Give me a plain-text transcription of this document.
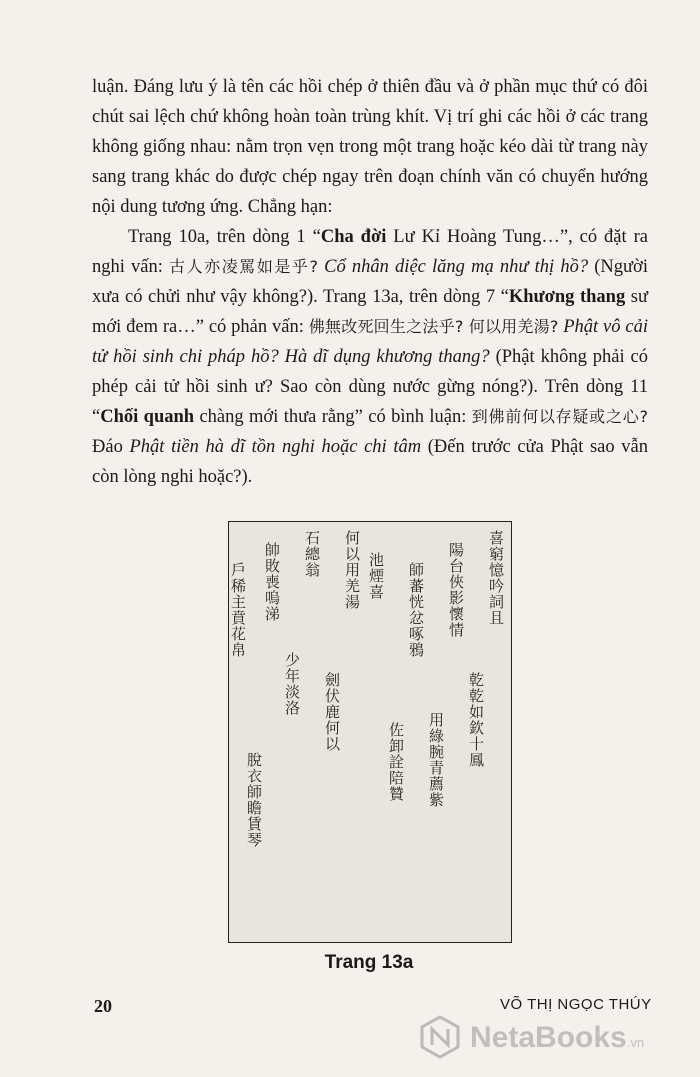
luận. Đáng lưu ý là tên các hồi chép ở thiên đầu và ở phần mục thứ có đôi chút sai lệch chứ không hoàn toàn trùng khít. Vị trí ghi các hồi ở các trang không giống nhau: nằm trọn vẹn trong một trang hoặc kéo dài từ trang này sang trang khác do được chép ngay trên đoạn chính văn có chuyển hướng nội dung tương ứng. Chẳng hạn:
Trang 10a, trên dòng 1 “Cha đời Lư Kỉ Hoàng Tung…”, có đặt ra nghi vấn: 古人亦凌罵如是乎? Cổ nhân diệc lăng mạ như thị hồ? (Người xưa có chửi như vậy không?). Trang 13a, trên dòng 7 “Khương thang sư mới đem ra…” có phản vấn: 佛無改死回生之法乎? 何以用羌湯? Phật vô cải tử hồi sinh chi pháp hồ? Hà dĩ dụng khương thang? (Phật không phải có phép cải tử hồi sinh ư? Sao còn dùng nước gừng nóng?). Trên dòng 11 “Chối quanh chàng mới thưa rằng” có bình luận: 到佛前何以存疑或之心? Đáo Phật tiền hà dĩ tồn nghi hoặc chi tâm (Đến trước cửa Phật sao vẫn còn lòng nghi hoặc?).
喜窮憶吟詞且
乾乾如欽十鳳
陽台俠影懷情
用綠腕青薦紫
師蕃恍忿啄鴉
佐卸詮陪贊
池煙喜
何以用羌湯
劍伏鹿何以
石總翁
少年淡洛
帥敗喪嗚涕
脫衣師瞻賃琴
戶稀主賁花帛
Trang 13a
20	VÕ THỊ NGỌC THÚY
NetaBooks.vn
